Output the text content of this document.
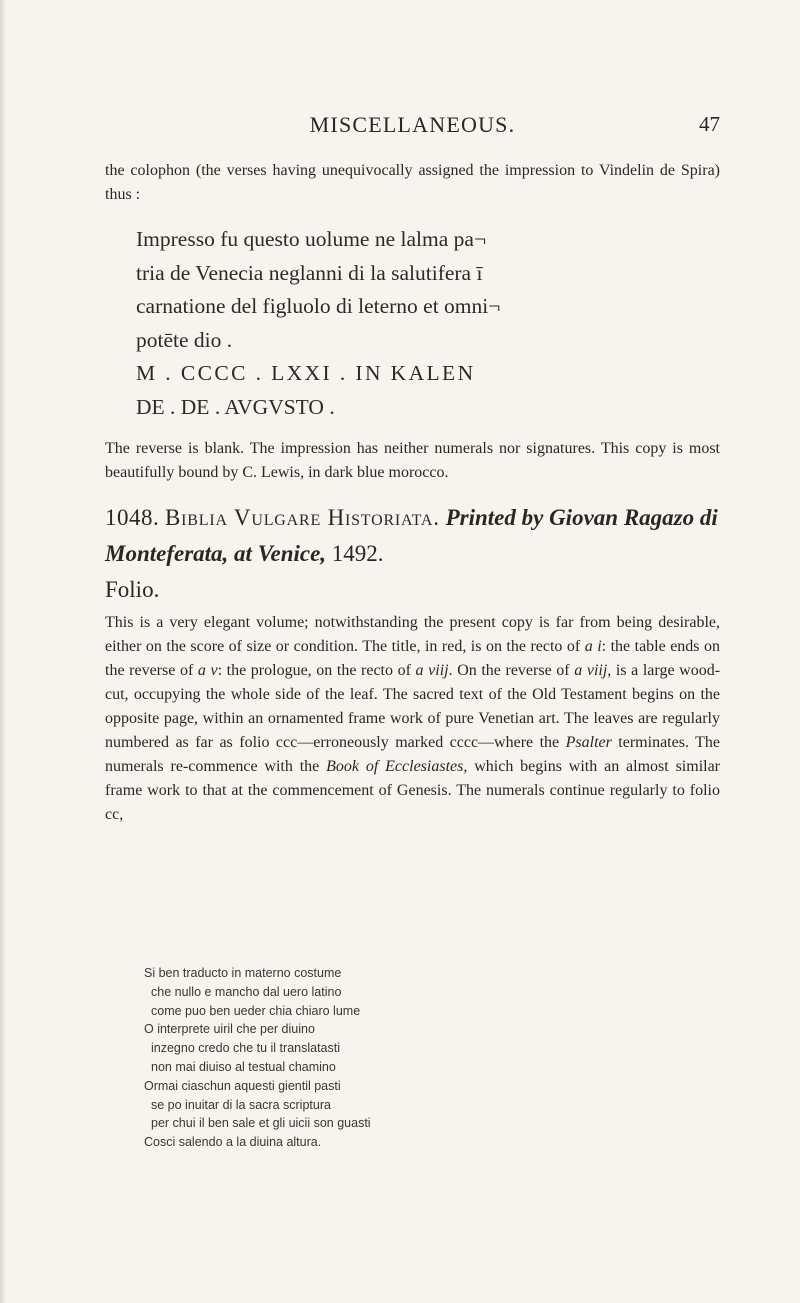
MISCELLANEOUS.	47

the colophon (the verses having unequivocally assigned the impression to Vindelin de Spira) thus :

Impresso fu questo uolume ne lalma pa¬
tria de Venecia neglanni di la salutifera ī
carnatione del figluolo di leterno et omni¬
potēte dio .
M . CCCC . LXXI . IN KALEN
DE . DE . AVGVSTO .

The reverse is blank. The impression has neither numerals nor signatures. This copy is most beautifully bound by C. Lewis, in dark blue morocco.

1048. Biblia Vulgare Historiata. Printed by Giovan Ragazo di Monteferata, at Venice, 1492.
Folio.

This is a very elegant volume; notwithstanding the present copy is far from being desirable, either on the score of size or condition. The title, in red, is on the recto of a i: the table ends on the reverse of a v: the prologue, on the recto of a viij. On the reverse of a viij, is a large wood-cut, occupying the whole side of the leaf. The sacred text of the Old Testament begins on the opposite page, within an ornamented frame work of pure Venetian art. The leaves are regularly numbered as far as folio ccc—erroneously marked cccc—where the Psalter terminates. The numerals re-commence with the Book of Ecclesiastes, which begins with an almost similar frame work to that at the commencement of Genesis. The numerals continue regularly to folio cc,

Si ben traducto in materno costume
che nullo e mancho dal uero latino
come puo ben ueder chia chiaro lume
O interprete uiril che per diuino
inzegno credo che tu il translatasti
non mai diuiso al testual chamino
Ormai ciaschun aquesti gientil pasti
se po inuitar di la sacra scriptura
per chui il ben sale et gli uicii son guasti
Cosci salendo a la diuina altura.
